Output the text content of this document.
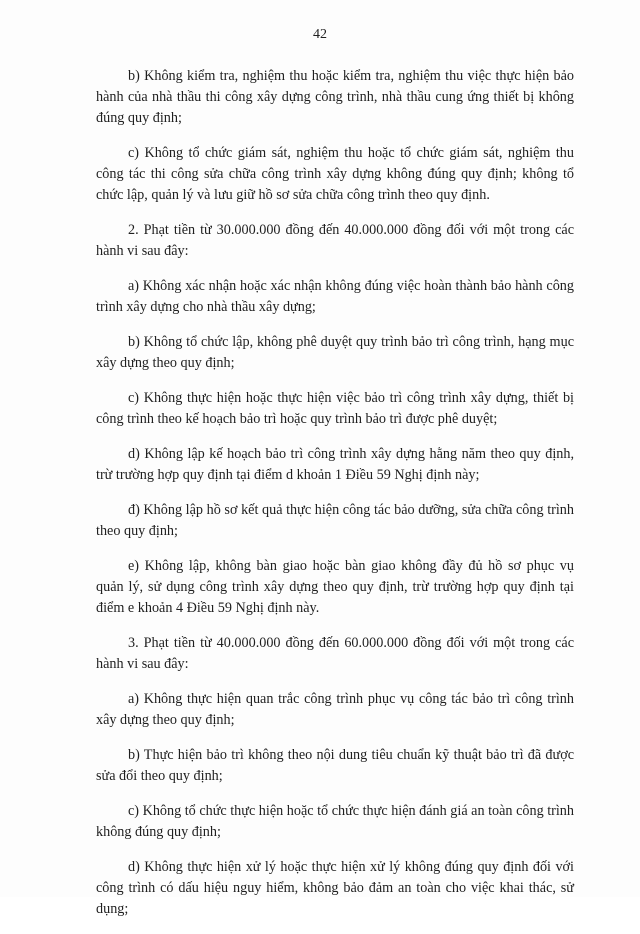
42

b) Không kiểm tra, nghiệm thu hoặc kiểm tra, nghiệm thu việc thực hiện bảo hành của nhà thầu thi công xây dựng công trình, nhà thầu cung ứng thiết bị không đúng quy định;

c) Không tổ chức giám sát, nghiệm thu hoặc tổ chức giám sát, nghiệm thu công tác thi công sửa chữa công trình xây dựng không đúng quy định; không tổ chức lập, quản lý và lưu giữ hồ sơ sửa chữa công trình theo quy định.

2. Phạt tiền từ 30.000.000 đồng đến 40.000.000 đồng đối với một trong các hành vi sau đây:

a) Không xác nhận hoặc xác nhận không đúng việc hoàn thành bảo hành công trình xây dựng cho nhà thầu xây dựng;

b) Không tổ chức lập, không phê duyệt quy trình bảo trì công trình, hạng mục xây dựng theo quy định;

c) Không thực hiện hoặc thực hiện việc bảo trì công trình xây dựng, thiết bị công trình theo kế hoạch bảo trì hoặc quy trình bảo trì được phê duyệt;

d) Không lập kế hoạch bảo trì công trình xây dựng hằng năm theo quy định, trừ trường hợp quy định tại điểm d khoản 1 Điều 59 Nghị định này;

đ) Không lập hồ sơ kết quả thực hiện công tác bảo dưỡng, sửa chữa công trình theo quy định;

e) Không lập, không bàn giao hoặc bàn giao không đầy đủ hồ sơ phục vụ quản lý, sử dụng công trình xây dựng theo quy định, trừ trường hợp quy định tại điểm e khoản 4 Điều 59 Nghị định này.

3. Phạt tiền từ 40.000.000 đồng đến 60.000.000 đồng đối với một trong các hành vi sau đây:

a) Không thực hiện quan trắc công trình phục vụ công tác bảo trì công trình xây dựng theo quy định;

b) Thực hiện bảo trì không theo nội dung tiêu chuẩn kỹ thuật bảo trì đã được sửa đổi theo quy định;

c) Không tổ chức thực hiện hoặc tổ chức thực hiện đánh giá an toàn công trình không đúng quy định;

d) Không thực hiện xử lý hoặc thực hiện xử lý không đúng quy định đối với công trình có dấu hiệu nguy hiểm, không bảo đảm an toàn cho việc khai thác, sử dụng;
